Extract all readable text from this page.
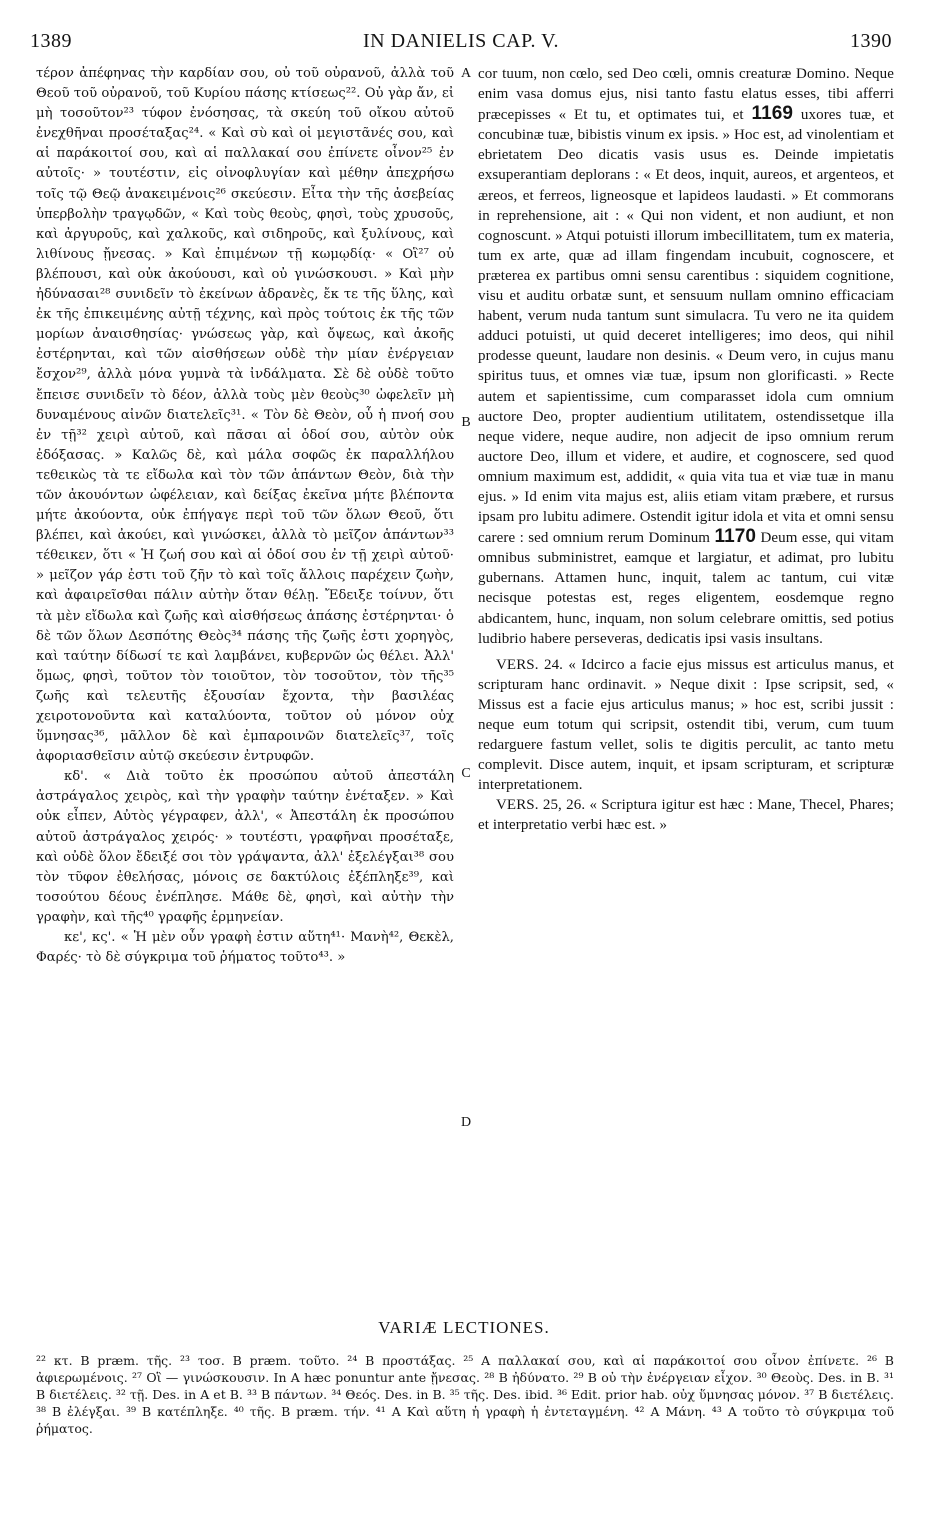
1389	IN DANIELIS CAP. V.	1390

τέρον ἀπέφηνας τὴν καρδίαν σου, οὐ τοῦ οὐρανοῦ, ἀλλὰ τοῦ Θεοῦ τοῦ οὐρανοῦ, τοῦ Κυρίου πάσης κτίσεως²². Οὐ γὰρ ἄν, εἰ μὴ τοσοῦτον²³ τύφον ἐνόσησας, τὰ σκεύη τοῦ οἴκου αὐτοῦ ἐνεχθῆναι προσέταξας²⁴. « Καὶ σὺ καὶ οἱ μεγιστᾶνές σου, καὶ αἱ παράκοιτοί σου, καὶ αἱ παλλακαί σου ἐπίνετε οἶνον²⁵ ἐν αὐτοῖς· » τουτέστιν, εἰς οἰνοφλυγίαν καὶ μέθην ἀπεχρήσω τοῖς τῷ Θεῷ ἀνακειμένοις²⁶ σκεύεσιν. Εἶτα τὴν τῆς ἀσεβείας ὑπερβολὴν τραγῳδῶν, « Καὶ τοὺς θεοὺς, φησὶ, τοὺς χρυσοῦς, καὶ ἀργυροῦς, καὶ χαλκοῦς, καὶ σιδηροῦς, καὶ ξυλίνους, καὶ λιθίνους ᾔνεσας. » Καὶ ἐπιμένων τῇ κωμῳδίᾳ· « Οἳ²⁷ οὐ βλέπουσι, καὶ οὐκ ἀκούουσι, καὶ οὐ γινώσκουσι. » Καὶ μὴν ἠδύνασαι²⁸ συνιδεῖν τὸ ἐκείνων ἀδρανὲς, ἔκ τε τῆς ὕλης, καὶ ἐκ τῆς ἐπικειμένης αὐτῇ τέχνης, καὶ πρὸς τούτοις ἐκ τῆς τῶν μορίων ἀναισθησίας· γνώσεως γὰρ, καὶ ὄψεως, καὶ ἀκοῆς ἐστέρηνται, καὶ τῶν αἰσθήσεων οὐδὲ τὴν μίαν ἐνέργειαν ἔσχον²⁹, ἀλλὰ μόνα γυμνὰ τὰ ἰνδάλματα. Σὲ δὲ οὐδὲ τοῦτο ἔπεισε συνιδεῖν τὸ δέον, ἀλλὰ τοὺς μὲν θεοὺς³⁰ ὠφελεῖν μὴ δυναμένους αἰνῶν διατελεῖς³¹. « Τὸν δὲ Θεὸν, οὗ ἡ πνοή σου ἐν τῇ³² χειρὶ αὐτοῦ, καὶ πᾶσαι αἱ ὁδοί σου, αὐτὸν οὐκ ἐδόξασας. » Καλῶς δὲ, καὶ μάλα σοφῶς ἐκ παραλλήλου τεθεικὼς τὰ τε εἴδωλα καὶ τὸν τῶν ἁπάντων Θεὸν, διὰ τὴν τῶν ἀκουόντων ὠφέλειαν, καὶ δείξας ἐκεῖνα μήτε βλέποντα μήτε ἀκούοντα, οὐκ ἐπήγαγε περὶ τοῦ τῶν ὅλων Θεοῦ, ὅτι βλέπει, καὶ ἀκούει, καὶ γινώσκει, ἀλλὰ τὸ μεῖζον ἁπάντων³³ τέθεικεν, ὅτι « Ἡ ζωή σου καὶ αἱ ὁδοί σου ἐν τῇ χειρὶ αὐτοῦ· » μεῖζον γάρ ἐστι τοῦ ζῆν τὸ καὶ τοῖς ἄλλοις παρέχειν ζωὴν, καὶ ἀφαιρεῖσθαι πάλιν αὐτὴν ὅταν θέλῃ. Ἔδειξε τοίνυν, ὅτι τὰ μὲν εἴδωλα καὶ ζωῆς καὶ αἰσθήσεως ἁπάσης ἐστέρηνται· ὁ δὲ τῶν ὅλων Δεσπότης Θεὸς³⁴ πάσης τῆς ζωῆς ἐστι χορηγὸς, καὶ ταύτην δίδωσί τε καὶ λαμβάνει, κυβερνῶν ὡς θέλει. Ἀλλ' ὅμως, φησὶ, τοῦτον τὸν τοιοῦτον, τὸν τοσοῦτον, τὸν τῆς³⁵ ζωῆς καὶ τελευτῆς ἐξουσίαν ἔχοντα, τὴν βασιλέας χειροτονοῦντα καὶ καταλύοντα, τοῦτον οὐ μόνον οὐχ ὕμνησας³⁶, μᾶλλον δὲ καὶ ἐμπαροινῶν διατελεῖς³⁷, τοῖς ἀφοριασθεῖσιν αὐτῷ σκεύεσιν ἐντρυφῶν.

κδ'. « Διὰ τοῦτο ἐκ προσώπου αὐτοῦ ἀπεστάλη ἀστράγαλος χειρὸς, καὶ τὴν γραφὴν ταύτην ἐνέταξεν. » Καὶ οὐκ εἶπεν, Αὐτὸς γέγραφεν, ἀλλ', « Ἀπεστάλη ἐκ προσώπου αὐτοῦ ἀστράγαλος χειρός· » τουτέστι, γραφῆναι προσέταξε, καὶ οὐδὲ ὅλον ἔδειξέ σοι τὸν γράψαντα, ἀλλ' ἐξελέγξαι³⁸ σου τὸν τῦφον ἐθελήσας, μόνοις σε δακτύλοις ἐξέπληξε³⁹, καὶ τοσούτου δέους ἐνέπλησε. Μάθε δὲ, φησὶ, καὶ αὐτὴν τὴν γραφὴν, καὶ τῆς⁴⁰ γραφῆς ἑρμηνείαν.

κε', κς'. « Ἡ μὲν οὖν γραφὴ ἐστιν αὕτη⁴¹· Μανὴ⁴², Θεκὲλ, Φαρές· τὸ δὲ σύγκριμα τοῦ ῥήματος τοῦτο⁴³. »

A
B
C
D

cor tuum, non cœlo, sed Deo cœli, omnis creaturæ Domino. Neque enim vasa domus ejus, nisi tanto fastu elatus esses, tibi afferri præcepisses « Et tu, et optimates tui, et 1169 uxores tuæ, et concubinæ tuæ, bibistis vinum ex ipsis. » Hoc est, ad vinolentiam et ebrietatem Deo dicatis vasis usus es. Deinde impietatis exsuperantiam deplorans : « Et deos, inquit, aureos, et argenteos, et æreos, et ferreos, ligneosque et lapideos laudasti. » Et commorans in reprehensione, ait : « Qui non vident, et non audiunt, et non cognoscunt. » Atqui potuisti illorum imbecillitatem, tum ex materia, tum ex arte, quæ ad illam fingendam incubuit, cognoscere, et præterea ex partibus omni sensu carentibus : siquidem cognitione, visu et auditu orbatæ sunt, et sensuum nullam omnino efficaciam habent, verum nuda tantum sunt simulacra. Tu vero ne ita quidem adduci potuisti, ut quid deceret intelligeres; imo deos, qui nihil prodesse queunt, laudare non desinis. « Deum vero, in cujus manu spiritus tuus, et omnes viæ tuæ, ipsum non glorificasti. » Recte autem et sapientissime, cum comparasset idola cum omnium auctore Deo, propter audientium utilitatem, ostendissetque illa neque videre, neque audire, non adjecit de ipso omnium rerum auctore Deo, illum et videre, et audire, et cognoscere, sed quod omnium maximum est, addidit, « quia vita tua et viæ tuæ in manu ejus. » Id enim vita majus est, aliis etiam vitam præbere, et rursus ipsam pro lubitu adimere. Ostendit igitur idola et vita et omni sensu carere : sed omnium rerum Dominum 1170 Deum esse, qui vitam omnibus subministret, eamque et largiatur, et adimat, pro lubitu gubernans. Attamen hunc, inquit, talem ac tantum, cui vitæ necisque potestas est, reges eligentem, eosdemque regno abdicantem, hunc, inquam, non solum celebrare omittis, sed potius ludibrio habere perseveras, dedicatis ipsi vasis insultans.

VERS. 24. « Idcirco a facie ejus missus est articulus manus, et scripturam hanc ordinavit. » Neque dixit : Ipse scripsit, sed, « Missus est a facie ejus articulus manus; » hoc est, scribi jussit : neque eum totum qui scripsit, ostendit tibi, verum, cum tuum redarguere fastum vellet, solis te digitis perculit, ac tanto metu complevit. Disce autem, inquit, et ipsam scripturam, et scripturæ interpretationem.

VERS. 25, 26. « Scriptura igitur est hæc : Mane, Thecel, Phares; et interpretatio verbi hæc est. »

VARIÆ LECTIONES.

²² κτ. B præm. τῆς. ²³ τοσ. B præm. τοῦτο. ²⁴ B προστάξας. ²⁵ A παλλακαί σου, καὶ αἱ παράκοιτοί σου οἶνον ἐπίνετε. ²⁶ B ἀφιερωμένοις. ²⁷ Οἳ — γινώσκουσιν. In A hæc ponuntur ante ᾔνεσας. ²⁸ B ἠδύνατο. ²⁹ B οὐ τὴν ἐνέργειαν εἶχον. ³⁰ Θεοὺς. Des. in B. ³¹ B διετέλεις. ³² τῇ. Des. in A et B. ³³ B πάντων. ³⁴ Θεός. Des. in B. ³⁵ τῆς. Des. ibid. ³⁶ Edit. prior hab. οὐχ ὕμνησας μόνον. ³⁷ B διετέλεις. ³⁸ B ἐλέγξαι. ³⁹ B κατέπληξε. ⁴⁰ τῆς. B præm. τήν. ⁴¹ A Καὶ αὕτη ἡ γραφὴ ἡ ἐντεταγμένη. ⁴² A Μάνη. ⁴³ A τοῦτο τὸ σύγκριμα τοῦ ῥήματος.
